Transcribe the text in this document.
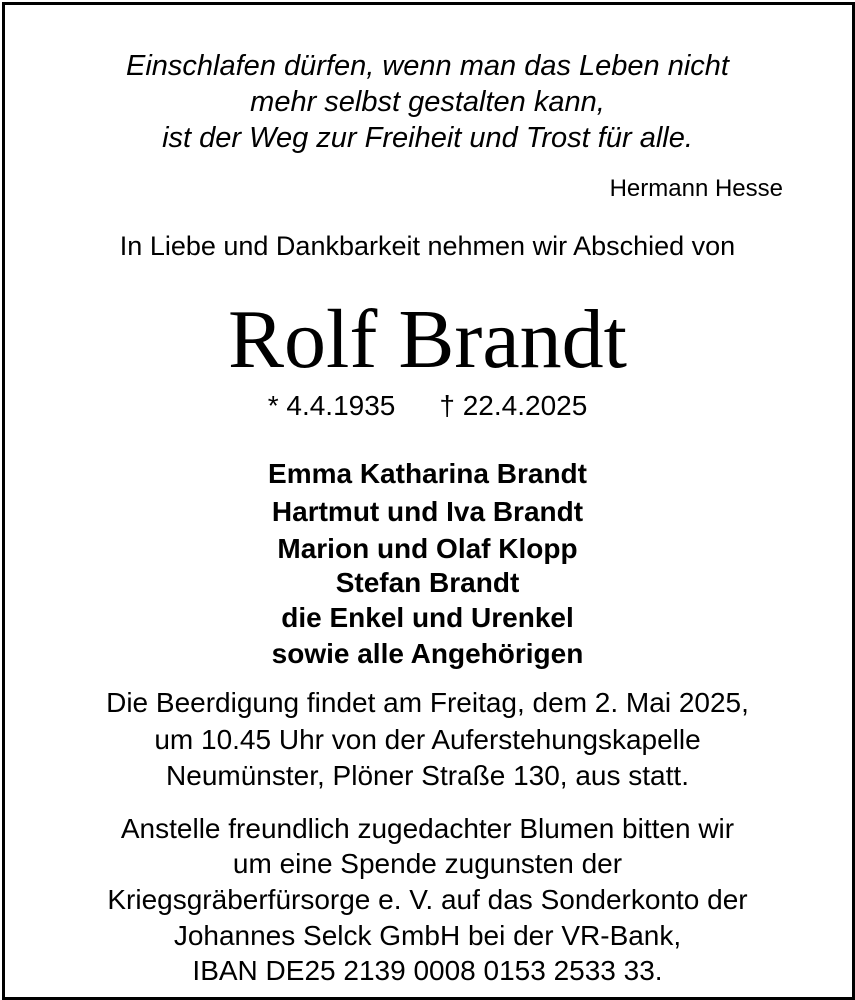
Einschlafen dürfen, wenn man das Leben nicht
mehr selbst gestalten kann,
ist der Weg zur Freiheit und Trost für alle.
Hermann Hesse
In Liebe und Dankbarkeit nehmen wir Abschied von
Rolf Brandt
* 4.4.1935 † 22.4.2025
Emma Katharina Brandt
Hartmut und Iva Brandt
Marion und Olaf Klopp
Stefan Brandt
die Enkel und Urenkel
sowie alle Angehörigen
Die Beerdigung findet am Freitag, dem 2. Mai 2025,
um 10.45 Uhr von der Auferstehungskapelle
Neumünster, Plöner Straße 130, aus statt.
Anstelle freundlich zugedachter Blumen bitten wir
um eine Spende zugunsten der
Kriegsgräberfürsorge e. V. auf das Sonderkonto der
Johannes Selck GmbH bei der VR-Bank,
IBAN DE25 2139 0008 0153 2533 33.
